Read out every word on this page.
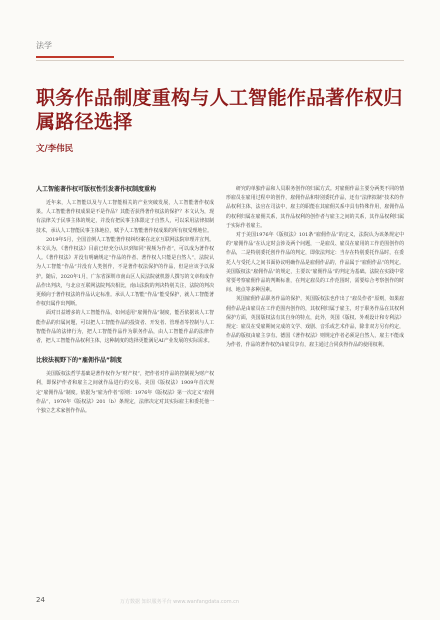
法学
职务作品制度重构与人工智能作品著作权归属路径选择
文/李伟民

人工智能著作权可版权性引发著作权制度重构

近年来，人工智能以及与人工智能相关的产业突破发展，人工智能著作权成果。人工智能著作权成果是不是作品？其能否获得著作权法的保护？本文认为，现有法律关于民事主体的规定，并没有把民事主体限定于自然人，可以采用法律拟制技术，承认人工智能民事主体地位，赋予人工智能著作权成果的所有权受理地位。

2019年5月，全国首例人工智能著作权纠纷案在北京互联网法院审理并宣判。本文认为，《著作权法》目前已经充分认识到如同“视频为作者”，可以成为著作权人。《著作权法》并没有明确规定“作品的作者、著作权人只能是自然人”，法院认为人工智能“作品”并没有人类创作，不是著作权法保护的作品，但是应该予以保护。随后，2020年1月，广东省深圳市南山区人民法院就机器人撰写的文章构成作品作出判决，与北京互联网法院判决相比，南山法院的判决特别关注，法院的判决更倾向于著作权法的作品认定标准。承认人工智能“作品”能受保护，就人工智能著作权归属作出判断。

面对日益增多的人工智能作品，如何适用“雇佣作品”制度，能否依据该人工智能作品的归属问题，可以把人工智能作品的投资者、开发者、管理者等控制与人工智能作品的法律行为，把人工智能作品作为职务作品，由人工智能作品的法律作者，把人工智能作品权利主体，这种制度的选择更能满足AI产业发展的实际需求。

比较法视野下的“雇佣作品”制度

美国版权法哲学基础是著作权作为“财产权”，把作者对作品的控制视为财产权利，即保护作者和雇主之间就作品进行的交易。美国《版权法》1909年首次规定“雇佣作品”制度。依据为“雇为作者”原则：1976年《版权法》第一次定义“雇佣作品”，1976年《版权法》201（b）条规定，法律决定对其实际雇主和委托他一个独立艺术家创作作品。

研究的单独作品和人员职务创作的归属方式。对雇佣作品主要分两类不同的情形雇员在雇用过程中的创作，雇佣作品和特别委托作品，还有“法律拟制”技术的作品权利主体，法官在司法中，雇主的职能在其雇佣关系中具有特殊作用，雇佣作品的权利归属在雇佣关系，其作品权利的创作者与雇主之间的关系，其作品权利归属于实际作者雇主。

对于美国1976年《版权法》101条“雇佣作品”的定义，法院认为该条规定中的“雇佣作品”在认定时会涉及两个问题，一是雇员、雇员在雇用的工作范围创作的作品，二是特别委托创作作品的判定，即依法判定：当存在特别委托作品时，在委托人与受托人之间书面协议明确作品是雇佣作品的，作品属于“雇佣作品”的判定。美国版权法“雇佣作品”的规定，主要以“雇佣作品”的判定为基础。法院在实践中常常要考察雇佣作品的判断标准，在判定雇员的工作范围时，需要综合考察创作的时间、地点等多种因素。

英国雇佣作品职务作品的保护，英国版权法也作出了“雇员作者”原则，如果雇佣作品是由雇员在工作范围内创作的，其权利归属于雇主，对于职务作品在其权利保护方面，英国版权法有其自身的特点，此外，英国《版权、外观设计和专利法》规定：雇员在受雇期间完成的文学、戏剧、音乐或艺术作品，除非双方另有约定，作品的版权由雇主享有。德国《著作权法》则规定作者必须是自然人，雇主不能成为作者，作品的著作权仍由雇员享有，雇主通过合同获得作品的使用权利。

24	万方数据 知识服务平台 www.wanfangdata.com.cn
